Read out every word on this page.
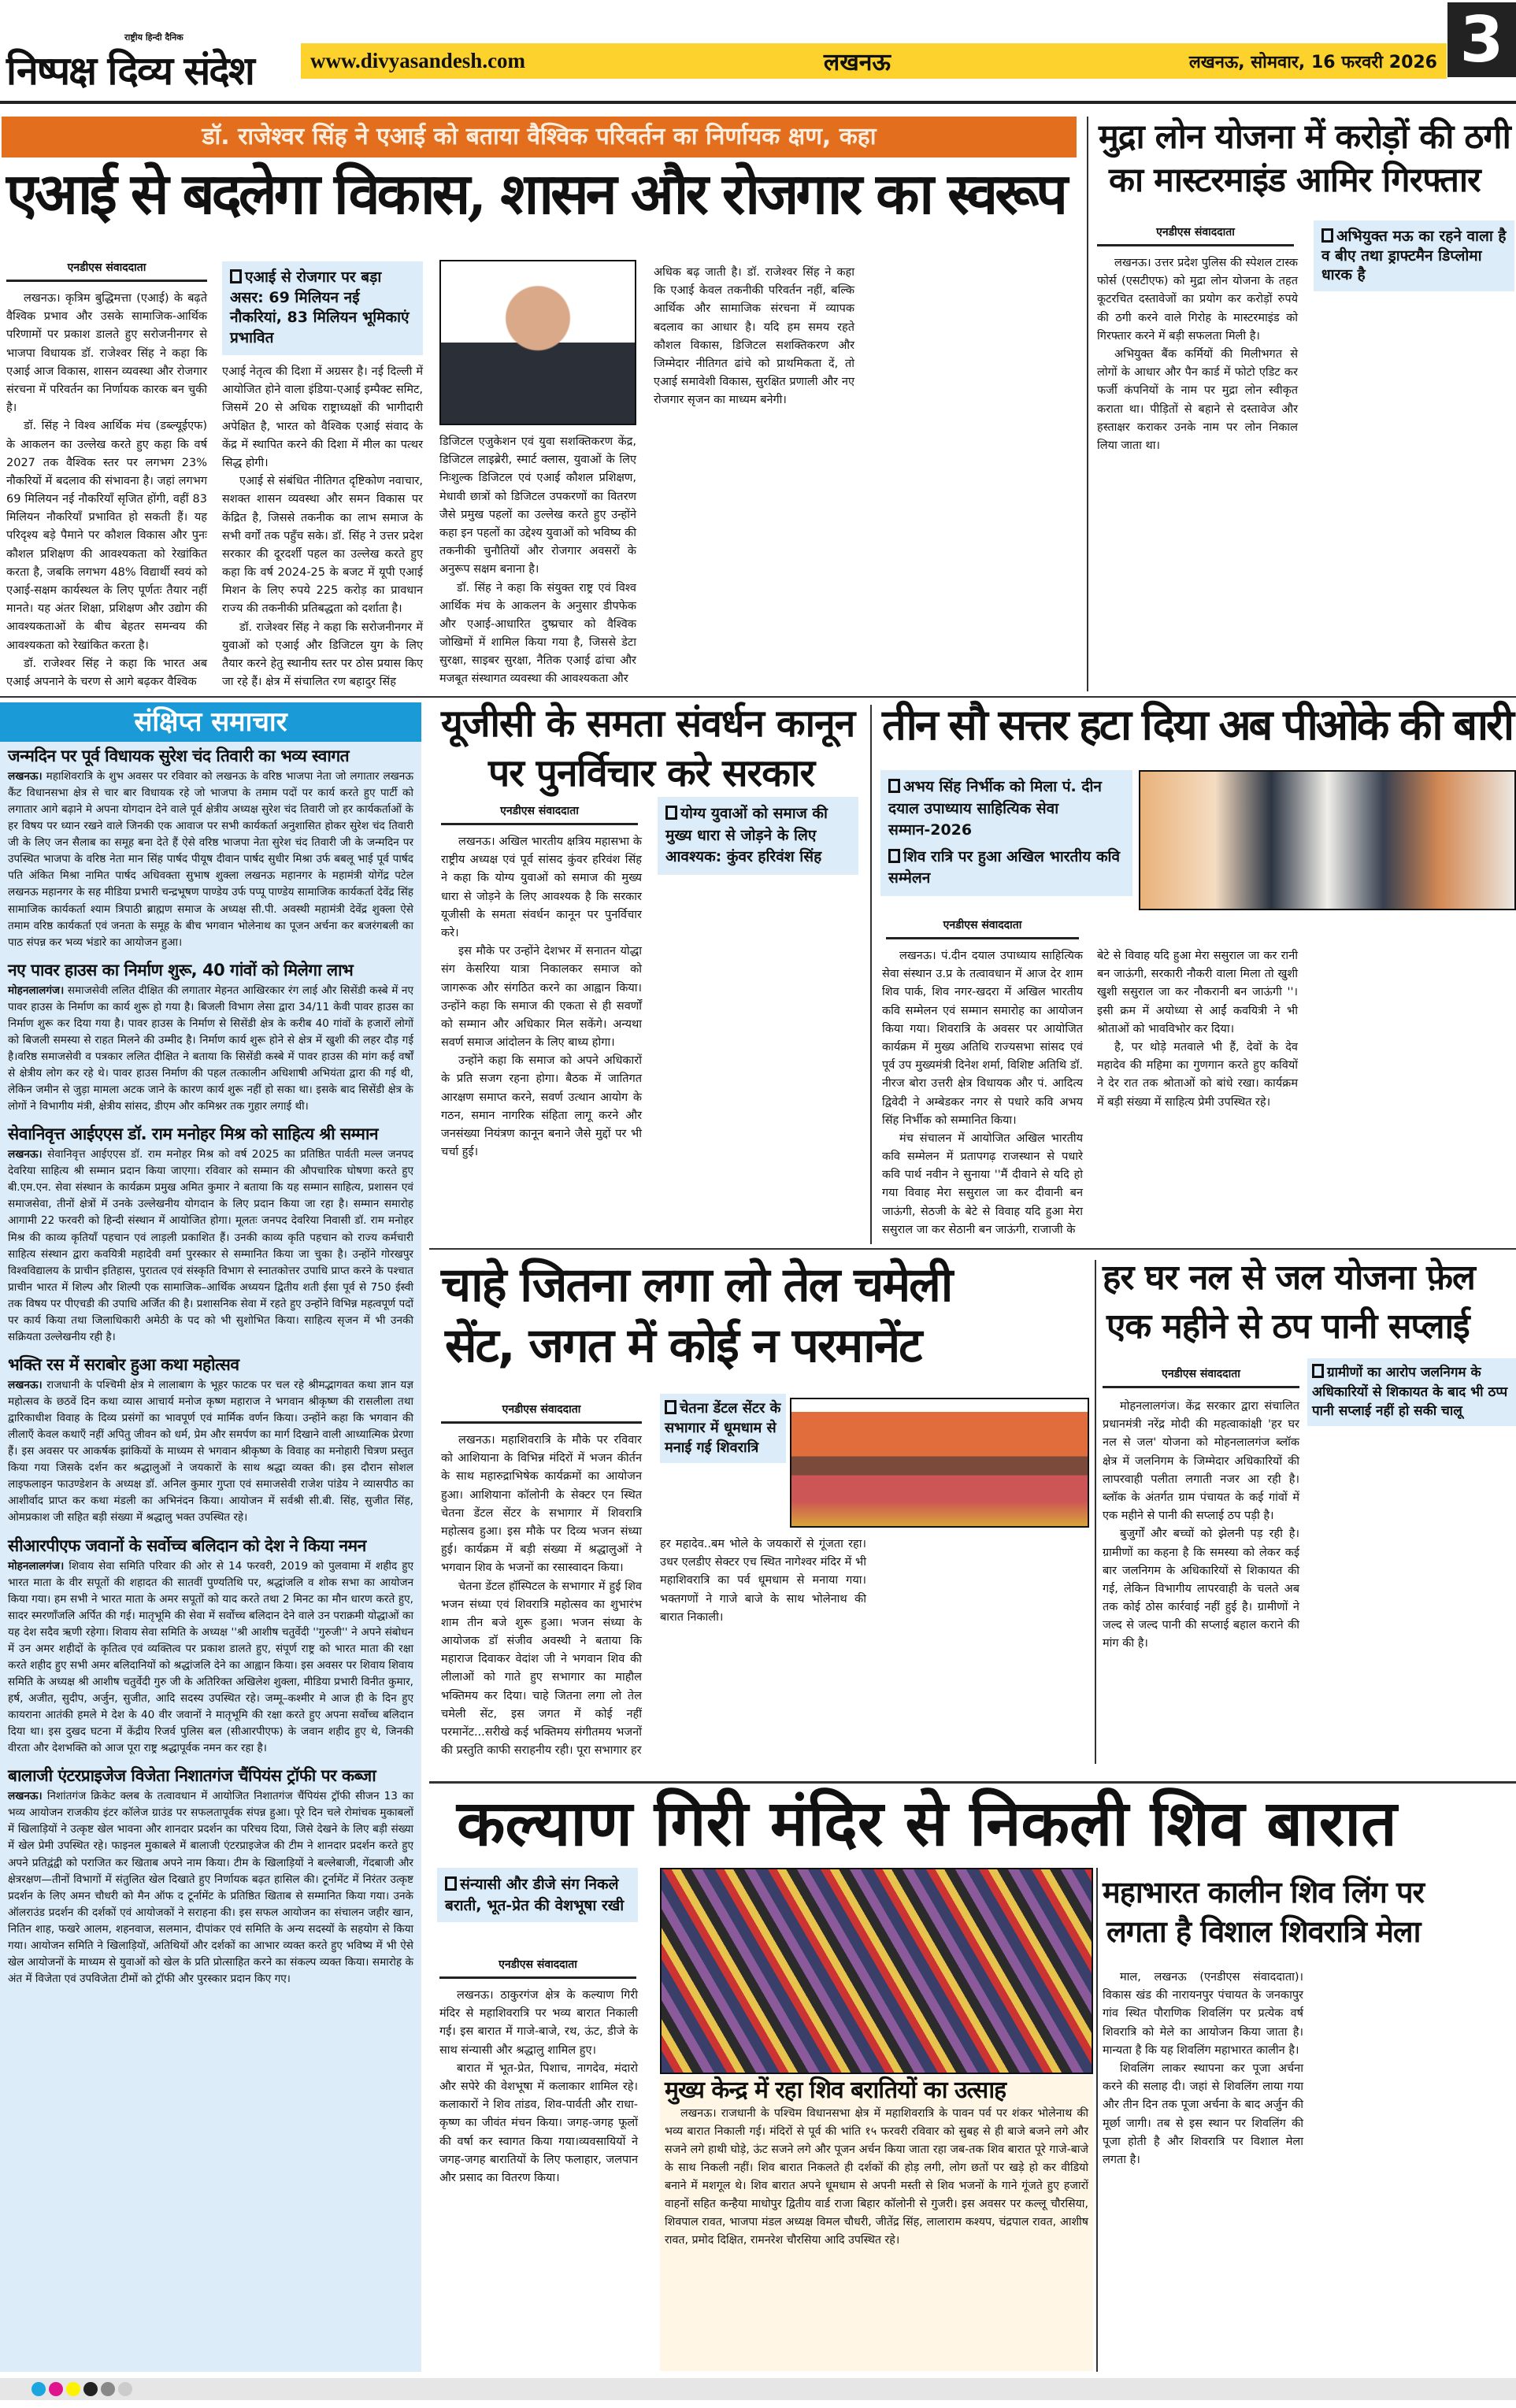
राष्ट्रीय हिन्दी दैनिक
निष्पक्ष दिव्य संदेश	www.divyasandesh.com	लखनऊ	लखनऊ, सोमवार, 16 फरवरी 2026 3
डॉ. राजेश्वर सिंह ने एआई को बताया वैश्विक परिवर्तन का निर्णायक क्षण, कहा
एआई से बदलेगा विकास, शासन और रोजगार का स्वरूप
एनडीएस संवाददाता
एआई से रोजगार पर बड़ा असर: 69 मिलियन नई नौकरियां, 83 मिलियन भूमिकाएं प्रभावित
मुद्रा लोन योजना में करोड़ों की ठगी
का मास्टरमाइंड आमिर गिरफ्तार
एनडीएस संवाददाता	अभियुक्त मऊ का रहने वाला है व बीए तथा ड्राफ्टमैन डिप्लोमा धारक है
संक्षिप्त समाचार
जन्मदिन पर पूर्व विधायक सुरेश चंद तिवारी का भव्य स्वागत

लखनऊ। महाशिवरात्रि के शुभ अवसर पर रविवार को लखनऊ के वरिष्ठ भाजपा नेता जो लगातार लखनऊ कैंट विधानसभा क्षेत्र से चार बार विधायक रहे जो भाजपा के तमाम पदों पर कार्य करते हुए पार्टी को लगातार आगे बढ़ाने मे अपना योगदान देने वाले पूर्व क्षेत्रीय अध्यक्ष सुरेश चंद तिवारी जो हर कार्यकर्ताओं के हर विषय पर ध्यान रखने वाले जिनकी एक आवाज पर सभी कार्यकर्ता अनुशासित होकर सुरेश चंद तिवारी जी के लिए जन सैलाब का समूह बना देते हैं ऐसे वरिष्ठ भाजपा नेता सुरेश चंद तिवारी जी के जन्मदिन पर उपस्थित भाजपा के वरिष्ठ नेता मान सिंह पार्षद पीयूष दीवान पार्षद सुधीर मिश्रा उर्फ बबलू भाई पूर्व पार्षद पति अंकित मिश्रा नामित पार्षद अधिवक्ता सुभाष शुक्ला लखनऊ महानगर के महामंत्री योगेंद्र पटेल लखनऊ महानगर के सह मीडिया प्रभारी चन्द्रभूषण पाण्डेय उर्फ पप्पू पाण्डेय सामाजिक कार्यकर्ता देवेंद्र सिंह सामाजिक कार्यकर्ता श्याम त्रिपाठी ब्राह्मण समाज के अध्यक्ष सी.पी. अवस्थी महामंत्री देवेंद्र शुक्ला ऐसे तमाम वरिष्ठ कार्यकर्ता एवं जनता के समूह के बीच भगवान भोलेनाथ का पूजन अर्चना कर बजरंगबली का पाठ संपन्न कर भव्य भंडारे का आयोजन हुआ।

नए पावर हाउस का निर्माण शुरू, 40 गांवों को मिलेगा लाभ

मोहनलालगंज। समाजसेवी ललित दीक्षित की लगातार मेहनत आखिरकार रंग लाई और सिसेंडी कस्बे में नए पावर हाउस के निर्माण का कार्य शुरू हो गया है। बिजली विभाग लेसा द्वारा 34/11 केवी पावर हाउस का निर्माण शुरू कर दिया गया है। पावर हाउस के निर्माण से सिसेंडी क्षेत्र के करीब 40 गांवों के हजारों लोगों को बिजली समस्या से राहत मिलने की उम्मीद है। निर्माण कार्य शुरू होने से क्षेत्र में खुशी की लहर दौड़ गई है।वरिष्ठ समाजसेवी व पत्रकार ललित दीक्षित ने बताया कि सिसेंडी कस्बे में पावर हाउस की मांग कई वर्षों से क्षेत्रीय लोग कर रहे थे। पावर हाउस निर्माण की पहल तत्कालीन अधिशाषी अभियंता द्वारा की गई थी, लेकिन जमीन से जुड़ा मामला अटक जाने के कारण कार्य शुरू नहीं हो सका था। इसके बाद सिसेंडी क्षेत्र के लोगों ने विभागीय मंत्री, क्षेत्रीय सांसद, डीएम और कमिश्नर तक गुहार लगाई थी।

सेवानिवृत्त आईएएस डॉ. राम मनोहर मिश्र को साहित्य श्री सम्मान

लखनऊ। सेवानिवृत्त आईएएस डॉ. राम मनोहर मिश्र को वर्ष 2025 का प्रतिष्ठित पार्वती मल्ल जनपद देवरिया साहित्य श्री सम्मान प्रदान किया जाएगा। रविवार को सम्मान की औपचारिक घोषणा करते हुए बी.एम.एन. सेवा संस्थान के कार्यक्रम प्रमुख अमित कुमार ने बताया कि यह सम्मान साहित्य, प्रशासन एवं समाजसेवा, तीनों क्षेत्रों में उनके उल्लेखनीय योगदान के लिए प्रदान किया जा रहा है। सम्मान समारोह आगामी 22 फरवरी को हिन्दी संस्थान में आयोजित होगा। मूलतः जनपद देवरिया निवासी डॉ. राम मनोहर मिश्र की काव्य कृतियाँ पहचान एवं लाड़ली प्रकाशित हैं। उनकी काव्य कृति पहचान को राज्य कर्मचारी साहित्य संस्थान द्वारा कवयित्री महादेवी वर्मा पुरस्कार से सम्मानित किया जा चुका है। उन्होंने गोरखपुर विश्वविद्यालय के प्राचीन इतिहास, पुरातत्व एवं संस्कृति विभाग से स्नातकोत्तर उपाधि प्राप्त करने के पश्चात प्राचीन भारत में शिल्प और शिल्पी एक सामाजिक–आर्थिक अध्ययन द्वितीय शती ईसा पूर्व से 750 ईस्वी तक विषय पर पीएचडी की उपाधि अर्जित की है। प्रशासनिक सेवा में रहते हुए उन्होंने विभिन्न महत्वपूर्ण पदों पर कार्य किया तथा जिलाधिकारी अमेठी के पद को भी सुशोभित किया। साहित्य सृजन में भी उनकी सक्रियता उल्लेखनीय रही है।

भक्ति रस में सराबोर हुआ कथा महोत्सव

लखनऊ। राजधानी के पश्चिमी क्षेत्र मे लालाबाग के भूहर फाटक पर चल रहे श्रीमद्भागवत कथा ज्ञान यज्ञ महोत्सव के छठवें दिन कथा व्यास आचार्य मनोज कृष्ण महाराज ने भगवान श्रीकृष्ण की रासलीला तथा द्वारिकाधीश विवाह के दिव्य प्रसंगों का भावपूर्ण एवं मार्मिक वर्णन किया। उन्होंने कहा कि भगवान की लीलाएँ केवल कथाएँ नहीं अपितु जीवन को धर्म, प्रेम और समर्पण का मार्ग दिखाने वाली आध्यात्मिक प्रेरणा हैं। इस अवसर पर आकर्षक झांकियों के माध्यम से भगवान श्रीकृष्ण के विवाह का मनोहारी चित्रण प्रस्तुत किया गया जिसके दर्शन कर श्रद्धालुओं ने जयकारों के साथ श्रद्धा व्यक्त की। इस दौरान सोशल लाइफलाइन फाउण्डेशन के अध्यक्ष डॉ. अनिल कुमार गुप्ता एवं समाजसेवी राजेश पांडेय ने व्यासपीठ का आशीर्वाद प्राप्त कर कथा मंडली का अभिनंदन किया। आयोजन में सर्वश्री सी.बी. सिंह, सुजीत सिंह, ओमप्रकाश जी सहित बड़ी संख्या में श्रद्धालु भक्त उपस्थित रहे।

सीआरपीएफ जवानों के सर्वोच्च बलिदान को देश ने किया नमन

मोहनलालगंज। शिवाय सेवा समिति परिवार की ओर से 14 फरवरी, 2019 को पुलवामा में शहीद हुए भारत माता के वीर सपूतों की शहादत की सातवीं पुण्यतिथि पर, श्रद्धांजलि व शोक सभा का आयोजन किया गया। हम सभी ने भारत माता के अमर सपूतों को याद करते तथा 2 मिनट का मौन धारण करते हुए, सादर स्मरणाँजलि अर्पित की गई। मातृभूमि की सेवा में सर्वोच्च बलिदान देने वाले उन पराक्रमी योद्धाओं का यह देश सदैव ऋणी रहेगा। शिवाय सेवा समिति के अध्यक्ष ''श्री आशीष चतुर्वेदी ''गुरुजी'' ने अपने संबोधन में उन अमर शहीदों के कृतित्व एवं व्यक्तित्व पर प्रकाश डालते हुए, संपूर्ण राष्ट्र को भारत माता की रक्षा करते शहीद हुए सभी अमर बलिदानियों को श्रद्धांजलि देने का आह्वान किया। इस अवसर पर शिवाय शिवाय समिति के अध्यक्ष श्री आशीष चतुर्वेदी गुरु जी के अतिरिक्त अखिलेश शुक्ला, मीडिया प्रभारी विनीत कुमार, हर्ष, अजीत, सुदीप, अर्जुन, सुजीत, आदि सदस्य उपस्थित रहे। जम्मू–कश्मीर मे आज ही के दिन हुए कायराना आतंकी हमले मे देश के 40 वीर जवानों ने मातृभूमि की रक्षा करते हुए अपना सर्वोच्च बलिदान दिया था। इस दुखद घटना में केंद्रीय रिजर्व पुलिस बल (सीआरपीएफ) के जवान शहीद हुए थे, जिनकी वीरता और देशभक्ति को आज पूरा राष्ट्र श्रद्धापूर्वक नमन कर रहा है।

बालाजी एंटरप्राइजेज विजेता निशातगंज चैंपियंस ट्रॉफी पर कब्जा

लखनऊ। निशांतगंज क्रिकेट क्लब के तत्वावधान में आयोजित निशातगंज चैंपियंस ट्रॉफी सीजन 13 का भव्य आयोजन राजकीय इंटर कॉलेज ग्राउंड पर सफलतापूर्वक संपन्न हुआ। पूरे दिन चले रोमांचक मुकाबलों में खिलाड़ियों ने उत्कृष्ट खेल भावना और शानदार प्रदर्शन का परिचय दिया, जिसे देखने के लिए बड़ी संख्या में खेल प्रेमी उपस्थित रहे। फाइनल मुकाबले में बालाजी एंटरप्राइजेज की टीम ने शानदार प्रदर्शन करते हुए अपने प्रतिद्वंद्वी को पराजित कर खिताब अपने नाम किया। टीम के खिलाड़ियों ने बल्लेबाजी, गेंदबाजी और क्षेत्ररक्षण—तीनों विभागों में संतुलित खेल दिखाते हुए निर्णायक बढ़त हासिल की। टूर्नामेंट में निरंतर उत्कृष्ट प्रदर्शन के लिए अमन चौधरी को मैन ऑफ द टूर्नामेंट के प्रतिष्ठित खिताब से सम्मानित किया गया। उनके ऑलराउंड प्रदर्शन की दर्शकों एवं आयोजकों ने सराहना की। इस सफल आयोजन का संचालन जहीर खान, नितिन शाह, फखरे आलम, शहनवाज, सलमान, दीपांकर एवं समिति के अन्य सदस्यों के सहयोग से किया गया। आयोजन समिति ने खिलाड़ियों, अतिथियों और दर्शकों का आभार व्यक्त करते हुए भविष्य में भी ऐसे खेल आयोजनों के माध्यम से युवाओं को खेल के प्रति प्रोत्साहित करने का संकल्प व्यक्त किया। समारोह के अंत में विजेता एवं उपविजेता टीमों को ट्रॉफी और पुरस्कार प्रदान किए गए।

यूजीसी के समता संवर्धन कानून
पर पुनर्विचार करे सरकार
एनडीएस संवाददाता	योग्य युवाओं को समाज की मुख्य धारा से जोड़ने के लिए आवश्यक: कुंवर हरिवंश सिंह
तीन सौ सत्तर हटा दिया अब पीओके की बारी
अभय सिंह निर्भीक को मिला पं. दीन दयाल उपाध्याय साहित्यिक सेवा सम्मान-2026
शिव रात्रि पर हुआ अखिल भारतीय कवि सम्मेलन
एनडीएस संवाददाता
चाहे जितना लगा लो तेल चमेली
सेंट, जगत में कोई न परमानेंट
एनडीएस संवाददाता	चेतना डेंटल सेंटर के सभागार में धूमधाम से मनाई गई शिवरात्रि
हर घर नल से जल योजना फ़ेल
एक महीने से ठप पानी सप्लाई
एनडीएस संवाददाता	ग्रामीणों का आरोप जलनिगम के अधिकारियों से शिकायत के बाद भी ठप्प पानी सप्लाई नहीं हो सकी चालू
कल्याण गिरी मंदिर से निकली शिव बारात
संन्यासी और डीजे संग निकले बराती, भूत-प्रेत की वेशभूषा रखी
एनडीएस संवाददाता
मुख्य केन्द्र में रहा शिव बरातियों का उत्साह

लखनऊ। राजधानी के पश्चिम विधानसभा क्षेत्र में महाशिवरात्रि के पावन पर्व पर शंकर भोलेनाथ की भव्य बारात निकाली गई। मंदिरों से पूर्व की भांति १५ फरवरी रविवार को सुबह से ही बाजे बजने लगे और सजने लगे हाथी घोड़े, ऊंट सजने लगे और पूजन अर्चन किया जाता रहा जब-तक शिव बारात पूरे गाजे-बाजे के साथ निकली नहीं। शिव बारात निकलते ही दर्शकों की होड़ लगी, लोग छतों पर खड़े हो कर वीडियो बनाने में मशगूल थे। शिव बारात अपने धूमधाम से अपनी मस्ती से शिव भजनों के गाने गूंजते हुए हजारों वाहनों सहित कन्हैया माधोपुर द्वितीय वार्ड राजा बिहार कॉलोनी से गुजरी। इस अवसर पर कल्लू चौरसिया, शिवपाल रावत, भाजपा मंडल अध्यक्ष विमल चौधरी, जीतेंद्र सिंह, लालाराम कश्यप, चंद्रपाल रावत, आशीष रावत, प्रमोद दिक्षित, रामनरेश चौरसिया आदि उपस्थित रहे।

महाभारत कालीन शिव लिंग पर
लगता है विशाल शिवरात्रि मेला

लखनऊ। कृत्रिम बुद्धिमत्ता (एआई) के बढ़ते वैश्विक प्रभाव और उसके सामाजिक-आर्थिक परिणामों पर प्रकाश डालते हुए सरोजनीनगर से भाजपा विधायक डॉ. राजेश्वर सिंह ने कहा कि एआई आज विकास, शासन व्यवस्था और रोजगार संरचना में परिवर्तन का निर्णायक कारक बन चुकी है।

डॉ. सिंह ने विश्व आर्थिक मंच (डब्ल्यूईएफ) के आकलन का उल्लेख करते हुए कहा कि वर्ष 2027 तक वैश्विक स्तर पर लगभग 23% नौकरियों में बदलाव की संभावना है। जहां लगभग 69 मिलियन नई नौकरियाँ सृजित होंगी, वहीं 83 मिलियन नौकरियाँ प्रभावित हो सकती हैं। यह परिदृश्य बड़े पैमाने पर कौशल विकास और पुनः कौशल प्रशिक्षण की आवश्यकता को रेखांकित करता है, जबकि लगभग 48% विद्यार्थी स्वयं को एआई-सक्षम कार्यस्थल के लिए पूर्णतः तैयार नहीं मानते। यह अंतर शिक्षा, प्रशिक्षण और उद्योग की आवश्यकताओं के बीच बेहतर समन्वय की आवश्यकता को रेखांकित करता है।

डॉ. राजेश्वर सिंह ने कहा कि भारत अब एआई अपनाने के चरण से आगे बढ़कर वैश्विक

एआई नेतृत्व की दिशा में अग्रसर है। नई दिल्ली में आयोजित होने वाला इंडिया-एआई इम्पैक्ट समिट, जिसमें 20 से अधिक राष्ट्राध्यक्षों की भागीदारी अपेक्षित है, भारत को वैश्विक एआई संवाद के केंद्र में स्थापित करने की दिशा में मील का पत्थर सिद्ध होगी।

एआई से संबंधित नीतिगत दृष्टिकोण नवाचार, सशक्त शासन व्यवस्था और समन विकास पर केंद्रित है, जिससे तकनीक का लाभ समाज के सभी वर्गों तक पहुँच सके। डॉ. सिंह ने उत्तर प्रदेश सरकार की दूरदर्शी पहल का उल्लेख करते हुए कहा कि वर्ष 2024-25 के बजट में यूपी एआई मिशन के लिए रुपये 225 करोड़ का प्रावधान राज्य की तकनीकी प्रतिबद्धता को दर्शाता है।

डॉ. राजेश्वर सिंह ने कहा कि सरोजनीनगर में युवाओं को एआई और डिजिटल युग के लिए तैयार करने हेतु स्थानीय स्तर पर ठोस प्रयास किए जा रहे हैं। क्षेत्र में संचालित रण बहादुर सिंह

डिजिटल एजुकेशन एवं युवा सशक्तिकरण केंद्र, डिजिटल लाइब्रेरी, स्मार्ट क्लास, युवाओं के लिए निःशुल्क डिजिटल एवं एआई कौशल प्रशिक्षण, मेधावी छात्रों को डिजिटल उपकरणों का वितरण जैसे प्रमुख पहलों का उल्लेख करते हुए उन्होंने कहा इन पहलों का उद्देश्य युवाओं को भविष्य की तकनीकी चुनौतियों और रोजगार अवसरों के अनुरूप सक्षम बनाना है।

डॉ. सिंह ने कहा कि संयुक्त राष्ट्र एवं विश्व आर्थिक मंच के आकलन के अनुसार डीपफेक और एआई-आधारित दुष्प्रचार को वैश्विक जोखिमों में शामिल किया गया है, जिससे डेटा सुरक्षा, साइबर सुरक्षा, नैतिक एआई ढांचा और मजबूत संस्थागत व्यवस्था की आवश्यकता और

अधिक बढ़ जाती है। डॉ. राजेश्वर सिंह ने कहा कि एआई केवल तकनीकी परिवर्तन नहीं, बल्कि आर्थिक और सामाजिक संरचना में व्यापक बदलाव का आधार है। यदि हम समय रहते कौशल विकास, डिजिटल सशक्तिकरण और जिम्मेदार नीतिगत ढांचे को प्राथमिकता दें, तो एआई समावेशी विकास, सुरक्षित प्रणाली और नए रोजगार सृजन का माध्यम बनेगी।

लखनऊ। उत्तर प्रदेश पुलिस की स्पेशल टास्क फोर्स (एसटीएफ) को मुद्रा लोन योजना के तहत कूटरचित दस्तावेजों का प्रयोग कर करोड़ों रुपये की ठगी करने वाले गिरोह के मास्टरमाइंड को गिरफ्तार करने में बड़ी सफलता मिली है।

अभियुक्त बैंक कर्मियों की मिलीभगत से लोगों के आधार और पैन कार्ड में फोटो एडिट कर फर्जी कंपनियों के नाम पर मुद्रा लोन स्वीकृत कराता था। पीड़ितों से बहाने से दस्तावेज और हस्ताक्षर कराकर उनके नाम पर लोन निकाल लिया जाता था।

लखनऊ। अखिल भारतीय क्षत्रिय महासभा के राष्ट्रीय अध्यक्ष एवं पूर्व सांसद कुंवर हरिवंश सिंह ने कहा कि योग्य युवाओं को समाज की मुख्य धारा से जोड़ने के लिए आवश्यक है कि सरकार यूजीसी के समता संवर्धन कानून पर पुनर्विचार करे।

इस मौके पर उन्होंने देशभर में सनातन योद्धा संग केसरिया यात्रा निकालकर समाज को जागरूक और संगठित करने का आह्वान किया। उन्होंने कहा कि समाज की एकता से ही सवर्णों को सम्मान और अधिकार मिल सकेंगे। अन्यथा सवर्ण समाज आंदोलन के लिए बाध्य होगा।

उन्होंने कहा कि समाज को अपने अधिकारों के प्रति सजग रहना होगा। बैठक में जातिगत आरक्षण समाप्त करने, सवर्ण उत्थान आयोग के गठन, समान नागरिक संहिता लागू करने और जनसंख्या नियंत्रण कानून बनाने जैसे मुद्दों पर भी चर्चा हुई।

लखनऊ। पं.दीन दयाल उपाध्याय साहित्यिक सेवा संस्थान उ.प्र के तत्वावधान में आज देर शाम शिव पार्क, शिव नगर-खदरा में अखिल भारतीय कवि सम्मेलन एवं सम्मान समारोह का आयोजन किया गया। शिवरात्रि के अवसर पर आयोजित कार्यक्रम में मुख्य अतिथि राज्यसभा सांसद एवं पूर्व उप मुख्यमंत्री दिनेश शर्मा, विशिष्ट अतिथि डॉ. नीरज बोरा उत्तरी क्षेत्र विधायक और पं. आदित्य द्विवेदी ने अम्बेडकर नगर से पधारे कवि अभय सिंह निर्भीक को सम्मानित किया।

मंच संचालन में आयोजित अखिल भारतीय कवि सम्मेलन में प्रतापगढ़ राजस्थान से पधारे कवि पार्थ नवीन ने सुनाया ''मैं दीवाने से यदि हो गया विवाह मेरा ससुराल जा कर दीवानी बन जाऊंगी, सेठजी के बेटे से विवाह यदि हुआ मेरा ससुराल जा कर सेठानी बन जाऊंगी, राजाजी के

बेटे से विवाह यदि हुआ मेरा ससुराल जा कर रानी बन जाऊंगी, सरकारी नौकरी वाला मिला तो खुशी खुशी ससुराल जा कर नौकरानी बन जाऊंगी ''। इसी क्रम में अयोध्या से आईं कवयित्री ने भी श्रोताओं को भावविभोर कर दिया।

है, पर थोड़े मतवाले भी हैं, देवों के देव महादेव की महिमा का गुणगान करते हुए कवियों ने देर रात तक श्रोताओं को बांधे रखा। कार्यक्रम में बड़ी संख्या में साहित्य प्रेमी उपस्थित रहे।

लखनऊ। महाशिवरात्रि के मौके पर रविवार को आशियाना के विभिन्न मंदिरों में भजन कीर्तन के साथ महारुद्राभिषेक कार्यक्रमों का आयोजन हुआ। आशियाना कॉलोनी के सेक्टर एन स्थित चेतना डेंटल सेंटर के सभागार में शिवरात्रि महोत्सव हुआ। इस मौके पर दिव्य भजन संध्या हुई। कार्यक्रम में बड़ी संख्या में श्रद्धालुओं ने भगवान शिव के भजनों का रसास्वादन किया।

चेतना डेंटल हॉस्पिटल के सभागार में हुई शिव भजन संध्या एवं शिवरात्रि महोत्सव का शुभारंभ शाम तीन बजे शुरू हुआ। भजन संध्या के आयोजक डॉ संजीव अवस्थी ने बताया कि महाराज दिवाकर वेदांश जी ने भगवान शिव की लीलाओं को गाते हुए सभागार का माहौल भक्तिमय कर दिया। चाहे जितना लगा लो तेल चमेली सेंट, इस जगत में कोई नहीं परमानेंट...सरीखे कई भक्तिमय संगीतमय भजनों की प्रस्तुति काफी सराहनीय रही। पूरा सभागार हर

हर महादेव..बम भोले के जयकारों से गूंजता रहा। उधर एलडीए सेक्टर एच स्थित नागेश्वर मंदिर में भी महाशिवरात्रि का पर्व धूमधाम से मनाया गया। भक्तगणों ने गाजे बाजे के साथ भोलेनाथ की बारात निकाली।

मोहनलालगंज। केंद्र सरकार द्वारा संचालित प्रधानमंत्री नरेंद्र मोदी की महत्वाकांक्षी 'हर घर नल से जल' योजना को मोहनलालगंज ब्लॉक क्षेत्र में जलनिगम के जिम्मेदार अधिकारियों की लापरवाही पलीता लगाती नजर आ रही है। ब्लॉक के अंतर्गत ग्राम पंचायत के कई गांवों में एक महीने से पानी की सप्लाई ठप पड़ी है।

बुजुर्गों और बच्चों को झेलनी पड़ रही है।ग्रामीणों का कहना है कि समस्या को लेकर कई बार जलनिगम के अधिकारियों से शिकायत की गई, लेकिन विभागीय लापरवाही के चलते अब तक कोई ठोस कार्रवाई नहीं हुई है। ग्रामीणों ने जल्द से जल्द पानी की सप्लाई बहाल कराने की मांग की है।

लखनऊ। ठाकुरगंज क्षेत्र के कल्याण गिरी मंदिर से महाशिवरात्रि पर भव्य बारात निकाली गई। इस बारात में गाजे-बाजे, रथ, ऊंट, डीजे के साथ संन्यासी और श्रद्धालु शामिल हुए।

बारात में भूत-प्रेत, पिशाच, नागदेव, मंदारो और सपेरे की वेशभूषा में कलाकार शामिल रहे।कलाकारों ने शिव तांडव, शिव-पार्वती और राधा-कृष्ण का जीवंत मंचन किया। जगह-जगह फूलों की वर्षा कर स्वागत किया गया।व्यवसायियों ने जगह-जगह बारातियों के लिए फलाहार, जलपान और प्रसाद का वितरण किया।

माल, लखनऊ (एनडीएस संवाददाता)। विकास खंड की नारायनपुर पंचायत के जनकापुर गांव स्थित पौराणिक शिवलिंग पर प्रत्येक वर्ष शिवरात्रि को मेले का आयोजन किया जाता है। मान्यता है कि यह शिवलिंग महाभारत कालीन है।

शिवलिंग लाकर स्थापना कर पूजा अर्चना करने की सलाह दी। जहां से शिवलिंग लाया गया और तीन दिन तक पूजा अर्चना के बाद अर्जुन की मूर्छा जागी। तब से इस स्थान पर शिवलिंग की पूजा होती है और शिवरात्रि पर विशाल मेला लगता है।
